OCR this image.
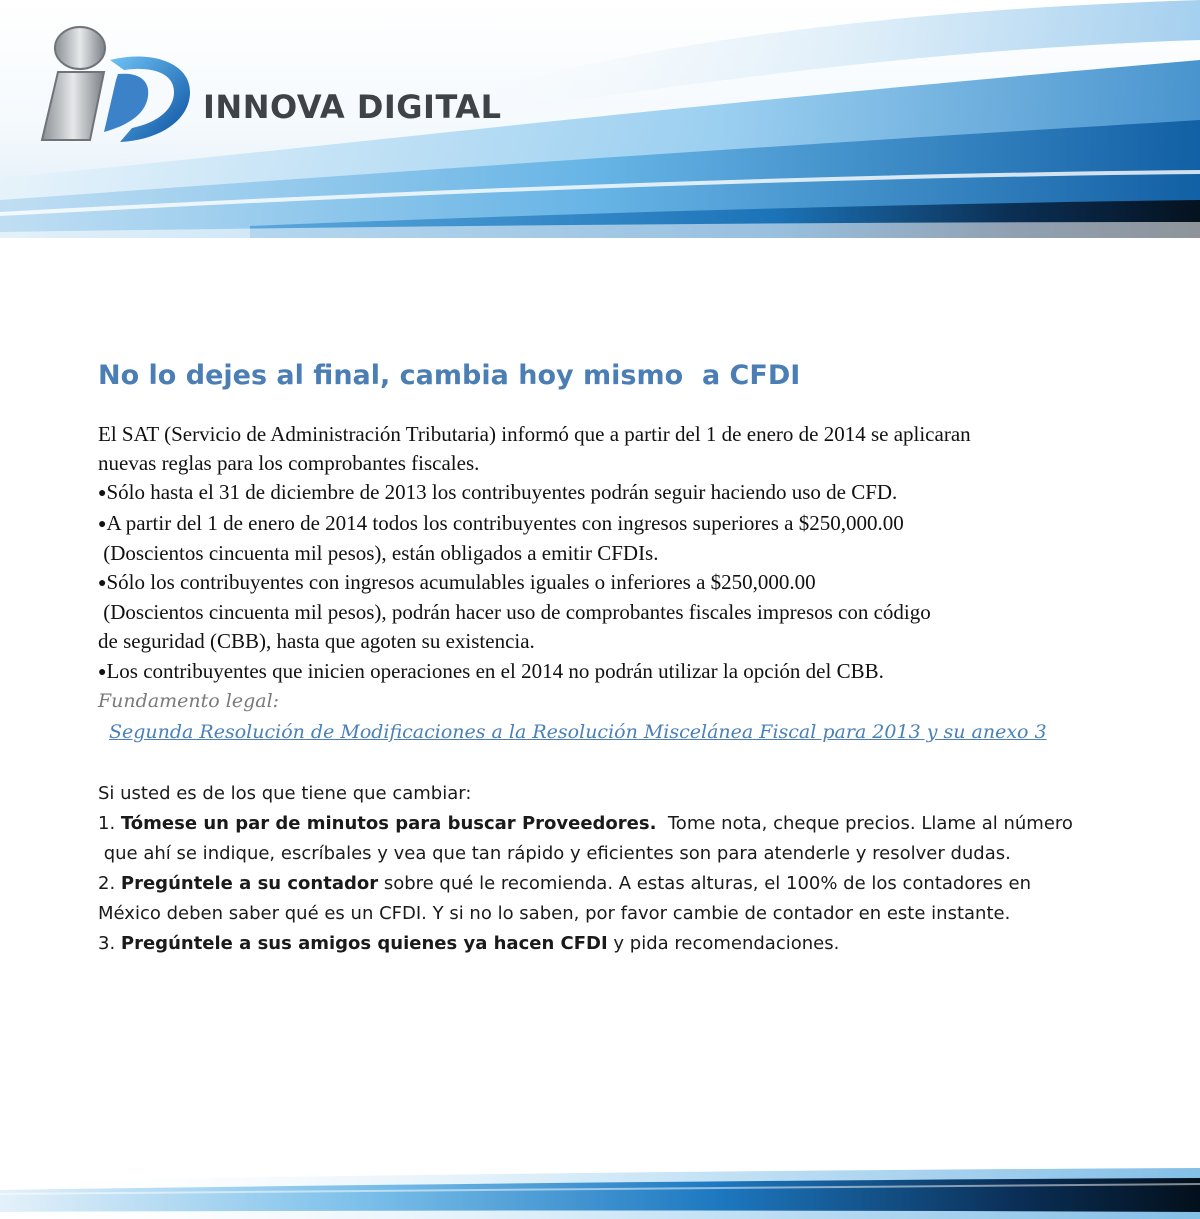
INNOVA DIGITAL
No lo dejes al final, cambia hoy mismo  a CFDI
El SAT (Servicio de Administración Tributaria) informó que a partir del 1 de enero de 2014 se aplicaran
nuevas reglas para los comprobantes fiscales.
●Sólo hasta el 31 de diciembre de 2013 los contribuyentes podrán seguir haciendo uso de CFD.
●A partir del 1 de enero de 2014 todos los contribuyentes con ingresos superiores a $250,000.00
(Doscientos cincuenta mil pesos), están obligados a emitir CFDIs.
●Sólo los contribuyentes con ingresos acumulables iguales o inferiores a $250,000.00
(Doscientos cincuenta mil pesos), podrán hacer uso de comprobantes fiscales impresos con código
de seguridad (CBB), hasta que agoten su existencia.
●Los contribuyentes que inicien operaciones en el 2014 no podrán utilizar la opción del CBB.
Fundamento legal:
Segunda Resolución de Modificaciones a la Resolución Miscelánea Fiscal para 2013 y su anexo 3
Si usted es de los que tiene que cambiar:
1. Tómese un par de minutos para buscar Proveedores.  Tome nota, cheque precios. Llame al número
que ahí se indique, escríbales y vea que tan rápido y eficientes son para atenderle y resolver dudas.
2. Pregúntele a su contador sobre qué le recomienda. A estas alturas, el 100% de los contadores en
México deben saber qué es un CFDI. Y si no lo saben, por favor cambie de contador en este instante.
3. Pregúntele a sus amigos quienes ya hacen CFDI y pida recomendaciones.
